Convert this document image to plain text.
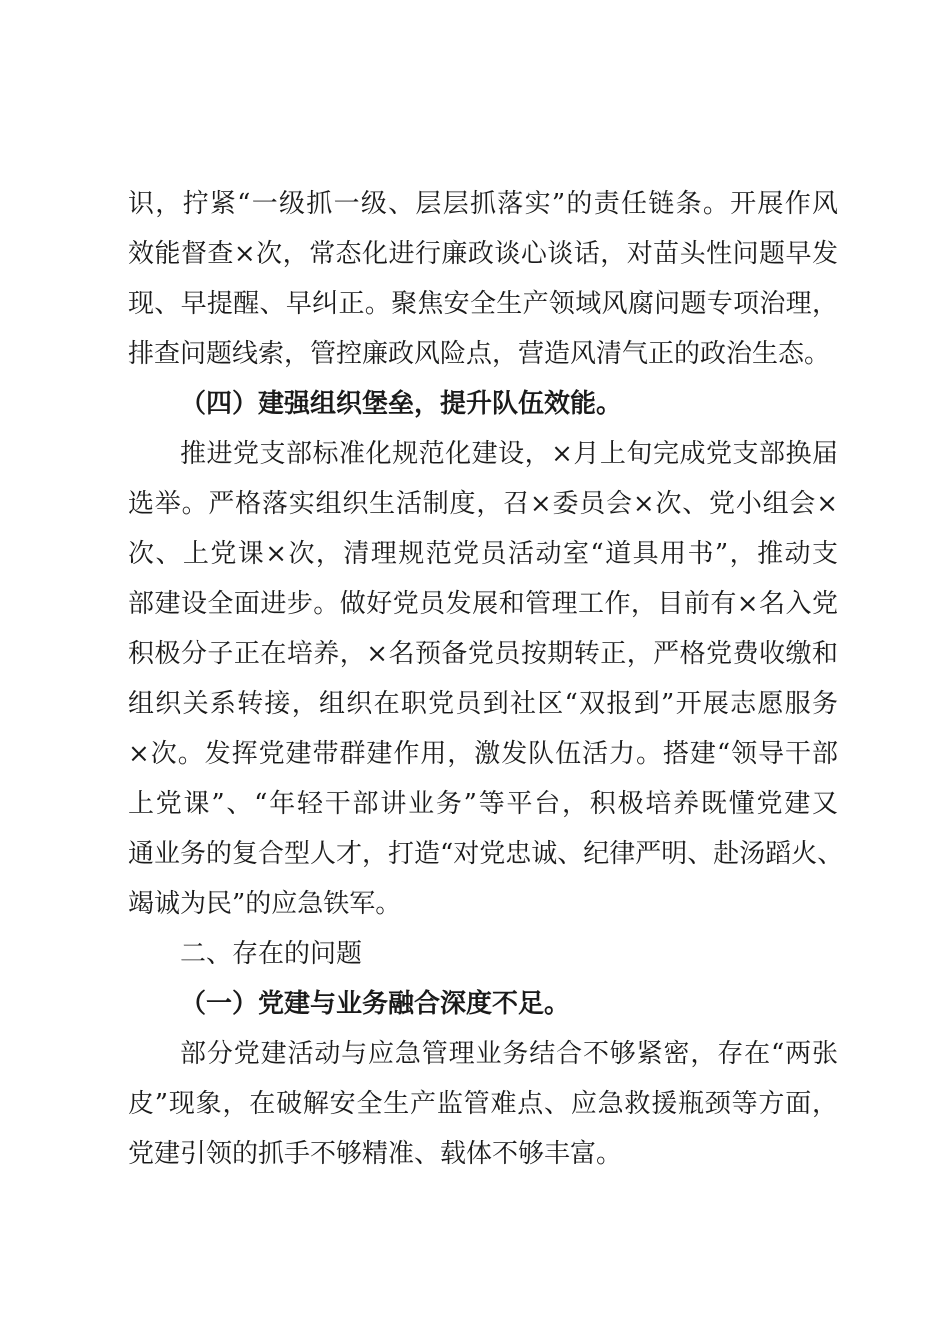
识，拧紧“一级抓一级、层层抓落实”的责任链条。开展作风
效能督查×次，常态化进行廉政谈心谈话，对苗头性问题早发
现、早提醒、早纠正。聚焦安全生产领域风腐问题专项治理，
排查问题线索，管控廉政风险点，营造风清气正的政治生态。
（四）建强组织堡垒，提升队伍效能。
推进党支部标准化规范化建设，×月上旬完成党支部换届
选举。严格落实组织生活制度，召×委员会×次、党小组会×
次、上党课×次，清理规范党员活动室“道具用书”，推动支
部建设全面进步。做好党员发展和管理工作，目前有×名入党
积极分子正在培养，×名预备党员按期转正，严格党费收缴和
组织关系转接，组织在职党员到社区“双报到”开展志愿服务
×次。发挥党建带群建作用，激发队伍活力。搭建“领导干部
上党课”、“年轻干部讲业务”等平台，积极培养既懂党建又
通业务的复合型人才，打造“对党忠诚、纪律严明、赴汤蹈火、
竭诚为民”的应急铁军。
二、存在的问题
（一）党建与业务融合深度不足。
部分党建活动与应急管理业务结合不够紧密，存在“两张
皮”现象，在破解安全生产监管难点、应急救援瓶颈等方面，
党建引领的抓手不够精准、载体不够丰富。
